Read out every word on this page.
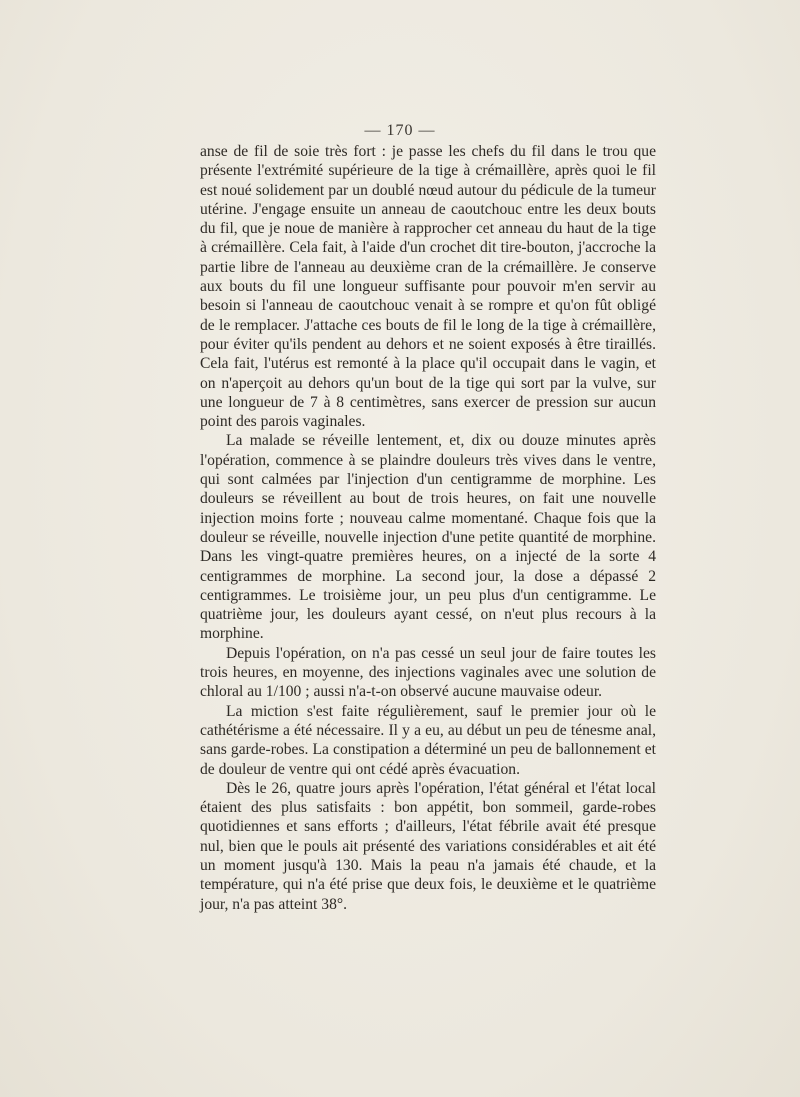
— 170 —

anse de fil de soie très fort : je passe les chefs du fil dans le trou que présente l'extrémité supérieure de la tige à crémaillère, après quoi le fil est noué solidement par un doublé nœud autour du pédicule de la tumeur utérine. J'engage ensuite un anneau de caoutchouc entre les deux bouts du fil, que je noue de manière à rapprocher cet anneau du haut de la tige à crémaillère. Cela fait, à l'aide d'un crochet dit tire-bouton, j'accroche la partie libre de l'anneau au deuxième cran de la crémaillère. Je conserve aux bouts du fil une longueur suffisante pour pouvoir m'en servir au besoin si l'anneau de caoutchouc venait à se rompre et qu'on fût obligé de le remplacer. J'attache ces bouts de fil le long de la tige à crémaillère, pour éviter qu'ils pendent au dehors et ne soient exposés à être tiraillés. Cela fait, l'utérus est remonté à la place qu'il occupait dans le vagin, et on n'aperçoit au dehors qu'un bout de la tige qui sort par la vulve, sur une longueur de 7 à 8 centimètres, sans exercer de pression sur aucun point des parois vaginales.

La malade se réveille lentement, et, dix ou douze minutes après l'opération, commence à se plaindre douleurs très vives dans le ventre, qui sont calmées par l'injection d'un centigramme de morphine. Les douleurs se réveillent au bout de trois heures, on fait une nouvelle injection moins forte ; nouveau calme momentané. Chaque fois que la douleur se réveille, nouvelle injection d'une petite quantité de morphine. Dans les vingt-quatre premières heures, on a injecté de la sorte 4 centigrammes de morphine. La second jour, la dose a dépassé 2 centigrammes. Le troisième jour, un peu plus d'un centigramme. Le quatrième jour, les douleurs ayant cessé, on n'eut plus recours à la morphine.

Depuis l'opération, on n'a pas cessé un seul jour de faire toutes les trois heures, en moyenne, des injections vaginales avec une solution de chloral au 1/100 ; aussi n'a-t-on observé aucune mauvaise odeur.

La miction s'est faite régulièrement, sauf le premier jour où le cathétérisme a été nécessaire. Il y a eu, au début un peu de ténesme anal, sans garde-robes. La constipation a déterminé un peu de ballonnement et de douleur de ventre qui ont cédé après évacuation.

Dès le 26, quatre jours après l'opération, l'état général et l'état local étaient des plus satisfaits : bon appétit, bon sommeil, garde-robes quotidiennes et sans efforts ; d'ailleurs, l'état fébrile avait été presque nul, bien que le pouls ait présenté des variations considérables et ait été un moment jusqu'à 130. Mais la peau n'a jamais été chaude, et la température, qui n'a été prise que deux fois, le deuxième et le quatrième jour, n'a pas atteint 38°.
